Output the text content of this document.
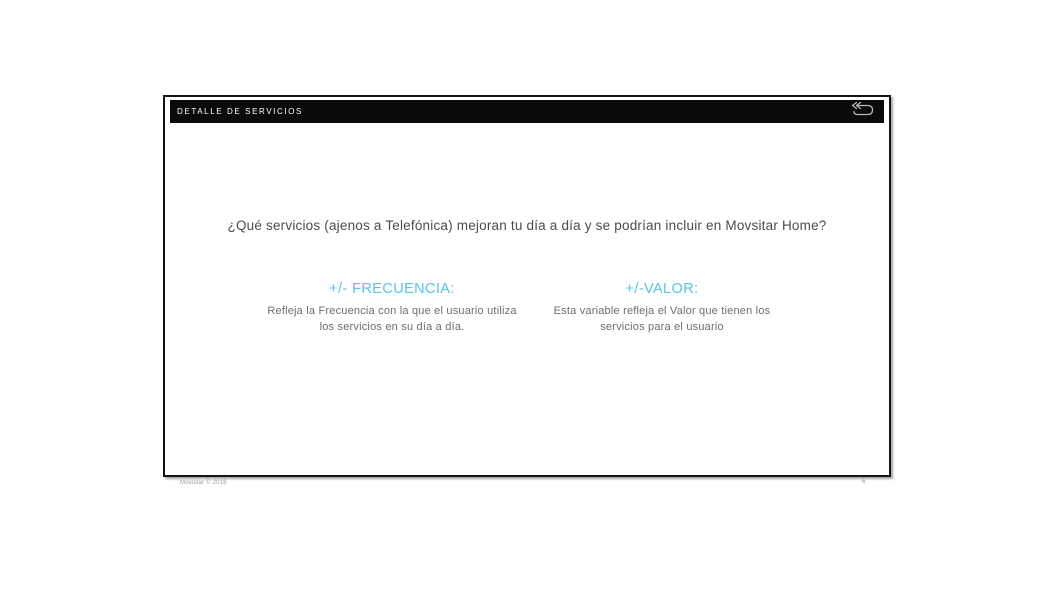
DETALLE DE SERVICIOS
¿Qué servicios (ajenos a Telefónica) mejoran tu día a día y se podrían incluir en Movsitar Home?
+/- FRECUENCIA:
Refleja la Frecuencia con la que el usuario utiliza los servicios en su día a día.
+/-VALOR:
Esta variable refleja el Valor que tienen los servicios para el usuario
Movistar © 2016	6
